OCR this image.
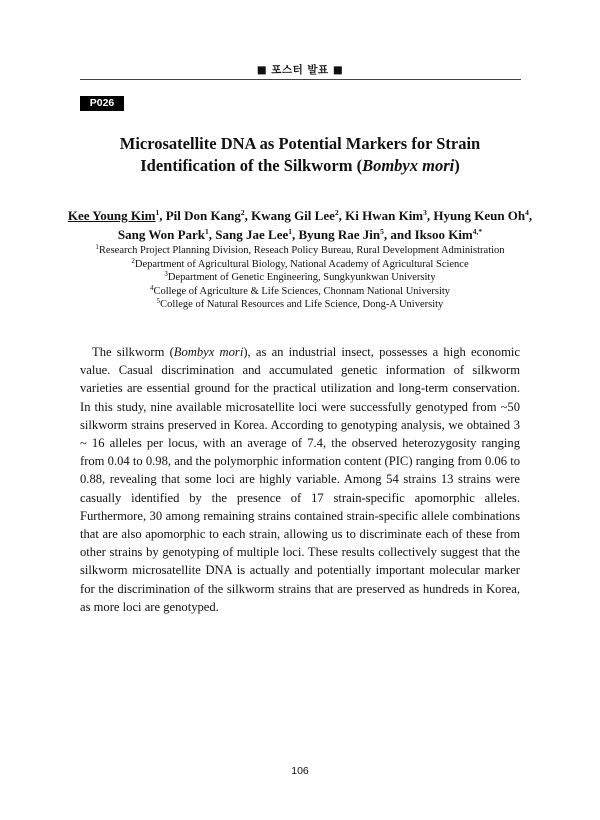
■ 포스터 발표 ■
P026
Microsatellite DNA as Potential Markers for Strain
Identification of the Silkworm (Bombyx mori)
Kee Young Kim$^1$, Pil Don Kang$^2$, Kwang Gil Lee$^2$, Ki Hwan Kim$^3$, Hyung Keun Oh$^4$,
Sang Won Park$^1$, Sang Jae Lee$^1$, Byung Rae Jin$^5$, and Iksoo Kim$^{4,*}$
$^1$Research Project Planning Division, Reseach Policy Bureau, Rural Development Administration
$^2$Department of Agricultural Biology, National Academy of Agricultural Science
$^3$Department of Genetic Engineering, Sungkyunkwan University
$^4$College of Agriculture & Life Sciences, Chonnam National University
$^5$College of Natural Resources and Life Science, Dong-A University
The silkworm (Bombyx mori), as an industrial insect, possesses a high economic value. Casual discrimination and accumulated genetic information of silkworm varieties are essential ground for the practical utilization and long-term conservation. In this study, nine available microsatellite loci were successfully genotyped from ~50 silkworm strains preserved in Korea. According to genotyping analysis, we obtained 3 ~ 16 alleles per locus, with an average of 7.4, the observed heterozygosity ranging from 0.04 to 0.98, and the polymorphic information content (PIC) ranging from 0.06 to 0.88, revealing that some loci are highly variable. Among 54 strains 13 strains were casually identified by the presence of 17 strain-specific apomorphic alleles. Furthermore, 30 among remaining strains contained strain-specific allele combinations that are also apomorphic to each strain, allowing us to discriminate each of these from other strains by genotyping of multiple loci. These results collectively suggest that the silkworm microsatellite DNA is actually and potentially important molecular marker for the discrimination of the silkworm strains that are preserved as hundreds in Korea, as more loci are genotyped.
106
